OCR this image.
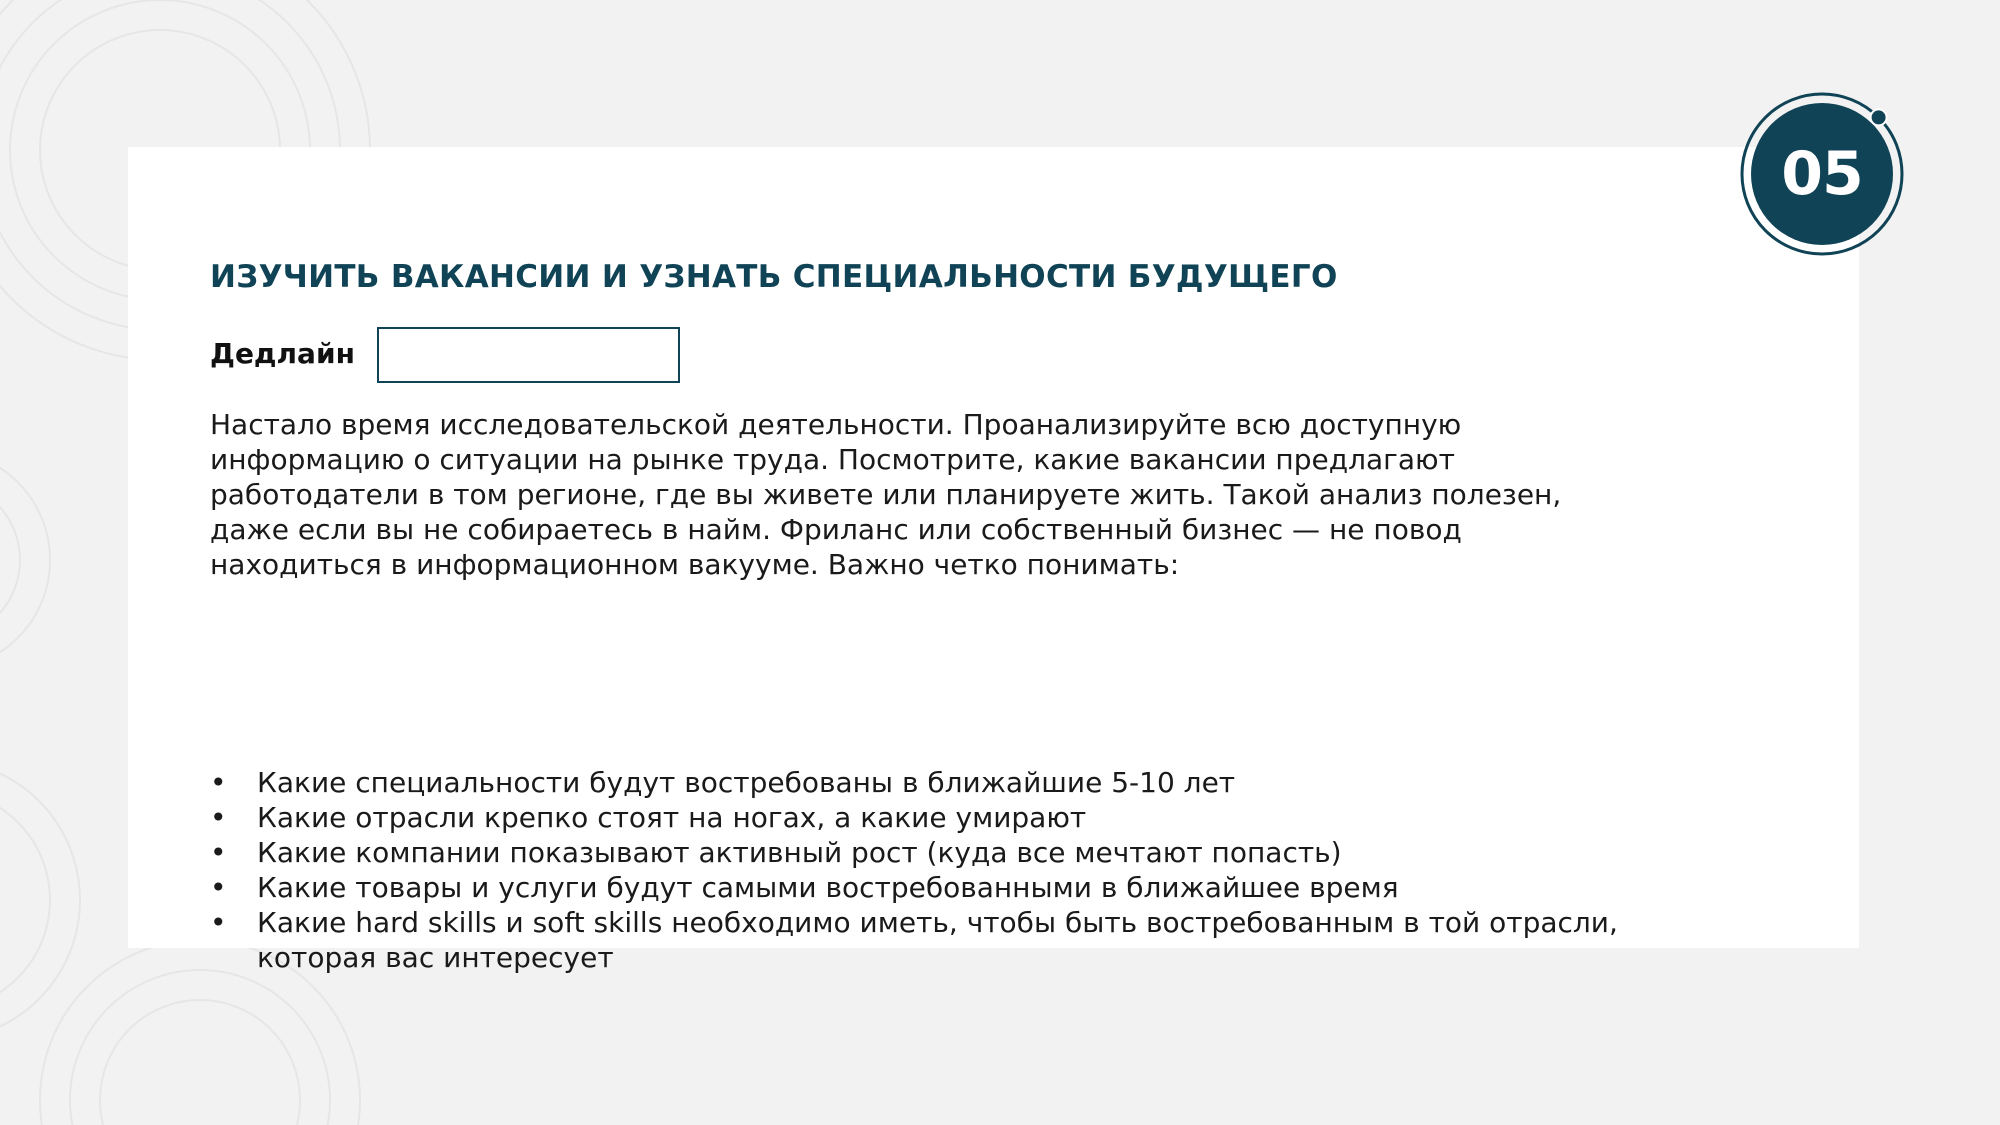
ИЗУЧИТЬ ВАКАНСИИ И УЗНАТЬ СПЕЦИАЛЬНОСТИ БУДУЩЕГО
Дедлайн

Настало время исследовательской деятельности. Проанализируйте всю доступную
информацию о ситуации на рынке труда. Посмотрите, какие вакансии предлагают
работодатели в том регионе, где вы живете или планируете жить. Такой анализ полезен,
даже если вы не собираетесь в найм. Фриланс или собственный бизнес — не повод
находиться в информационном вакууме. Важно четко понимать:

• Какие специальности будут востребованы в ближайшие 5-10 лет
• Какие отрасли крепко стоят на ногах, а какие умирают
• Какие компании показывают активный рост (куда все мечтают попасть)
• Какие товары и услуги будут самыми востребованными в ближайшее время
• Какие hard skills и soft skills необходимо иметь, чтобы быть востребованным в той отрасли,
которая вас интересует
05
